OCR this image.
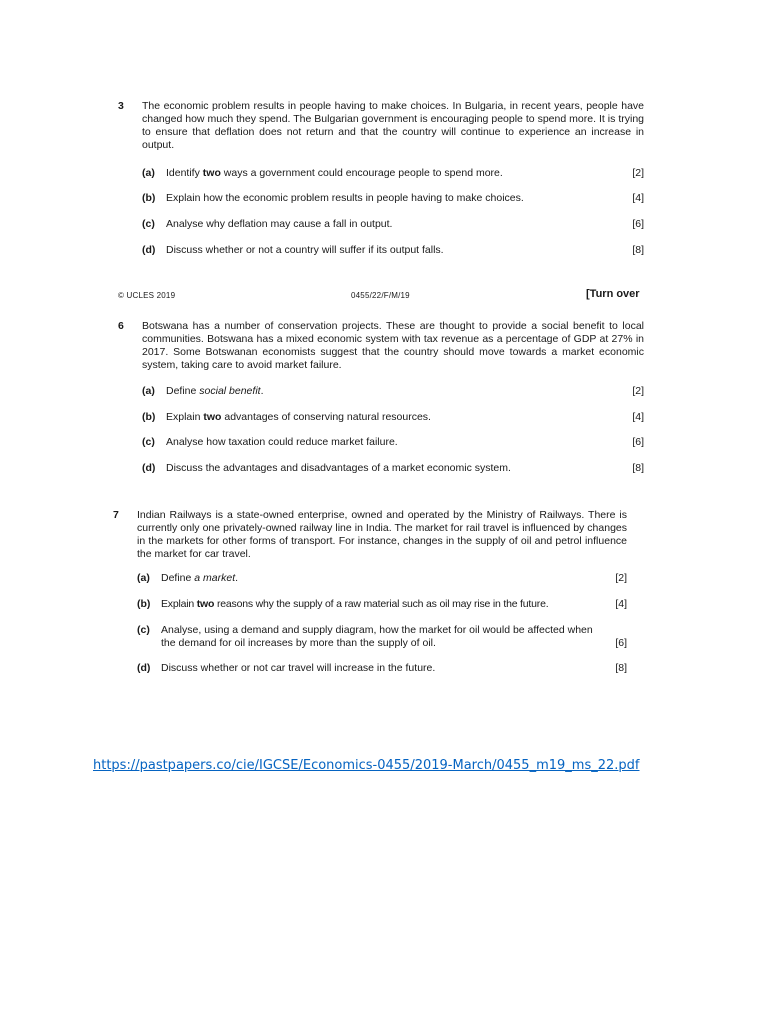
3 The economic problem results in people having to make choices. In Bulgaria, in recent years, people have changed how much they spend. The Bulgarian government is encouraging people to spend more. It is trying to ensure that deflation does not return and that the country will continue to experience an increase in output.
(a)	Identify two ways a government could encourage people to spend more.	[2]
(b)	Explain how the economic problem results in people having to make choices.	[4]
(c)	Analyse why deflation may cause a fall in output.	[6]
(d)	Discuss whether or not a country will suffer if its output falls.	[8]
© UCLES 2019	0455/22/F/M/19	[Turn over
6 Botswana has a number of conservation projects. These are thought to provide a social benefit to local communities. Botswana has a mixed economic system with tax revenue as a percentage of GDP at 27% in 2017. Some Botswanan economists suggest that the country should move towards a market economic system, taking care to avoid market failure.
(a)	Define social benefit.	[2]
(b)	Explain two advantages of conserving natural resources.	[4]
(c)	Analyse how taxation could reduce market failure.	[6]
(d)	Discuss the advantages and disadvantages of a market economic system.	[8]
7 Indian Railways is a state-owned enterprise, owned and operated by the Ministry of Railways. There is currently only one privately-owned railway line in India. The market for rail travel is influenced by changes in the markets for other forms of transport. For instance, changes in the supply of oil and petrol influence the market for car travel.
(a)	Define a market.	[2]
(b)	Explain two reasons why the supply of a raw material such as oil may rise in the future.	[4]
(c)	Analyse, using a demand and supply diagram, how the market for oil would be affected when the demand for oil increases by more than the supply of oil.	[6]
(d)	Discuss whether or not car travel will increase in the future.	[8]
https://pastpapers.co/cie/IGCSE/Economics-0455/2019-March/0455_m19_ms_22.pdf
